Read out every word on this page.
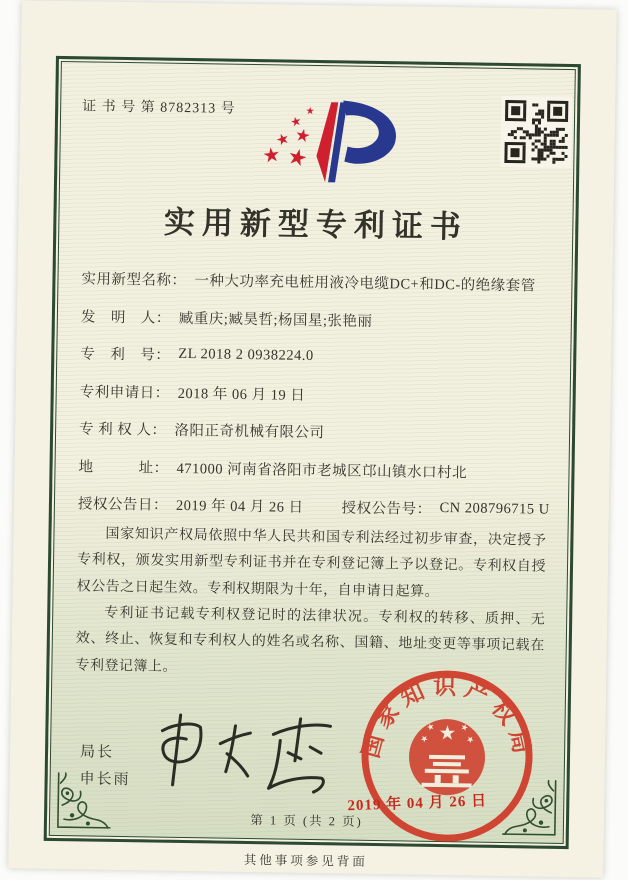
证 书 号 第 8782313 号
实用新型专利证书
实用新型名称： 一种大功率充电桩用液冷电缆DC+和DC-的绝缘套管
发　明　人： 臧重庆;臧昊哲;杨国星;张艳丽
专　利　号： ZL 2018 2 0938224.0
专利申请日： 2018 年 06 月 19 日
专 利 权 人： 洛阳正奇机械有限公司
地　　　址： 471000 河南省洛阳市老城区邙山镇水口村北
授权公告日： 2019 年 04 月 26 日	授权公告号： CN 208796715 U

国家知识产权局依照中华人民共和国专利法经过初步审查，决定授予专利权，颁发实用新型专利证书并在专利登记簿上予以登记。专利权自授权公告之日起生效。专利权期限为十年，自申请日起算。

专利证书记载专利权登记时的法律状况。专利权的转移、质押、无效、终止、恢复和专利权人的姓名或名称、国籍、地址变更等事项记载在专利登记簿上。

局长
申长雨
国家知识产权局
2019 年 04 月 26 日
第 1 页 (共 2 页)
其他事项参见背面
